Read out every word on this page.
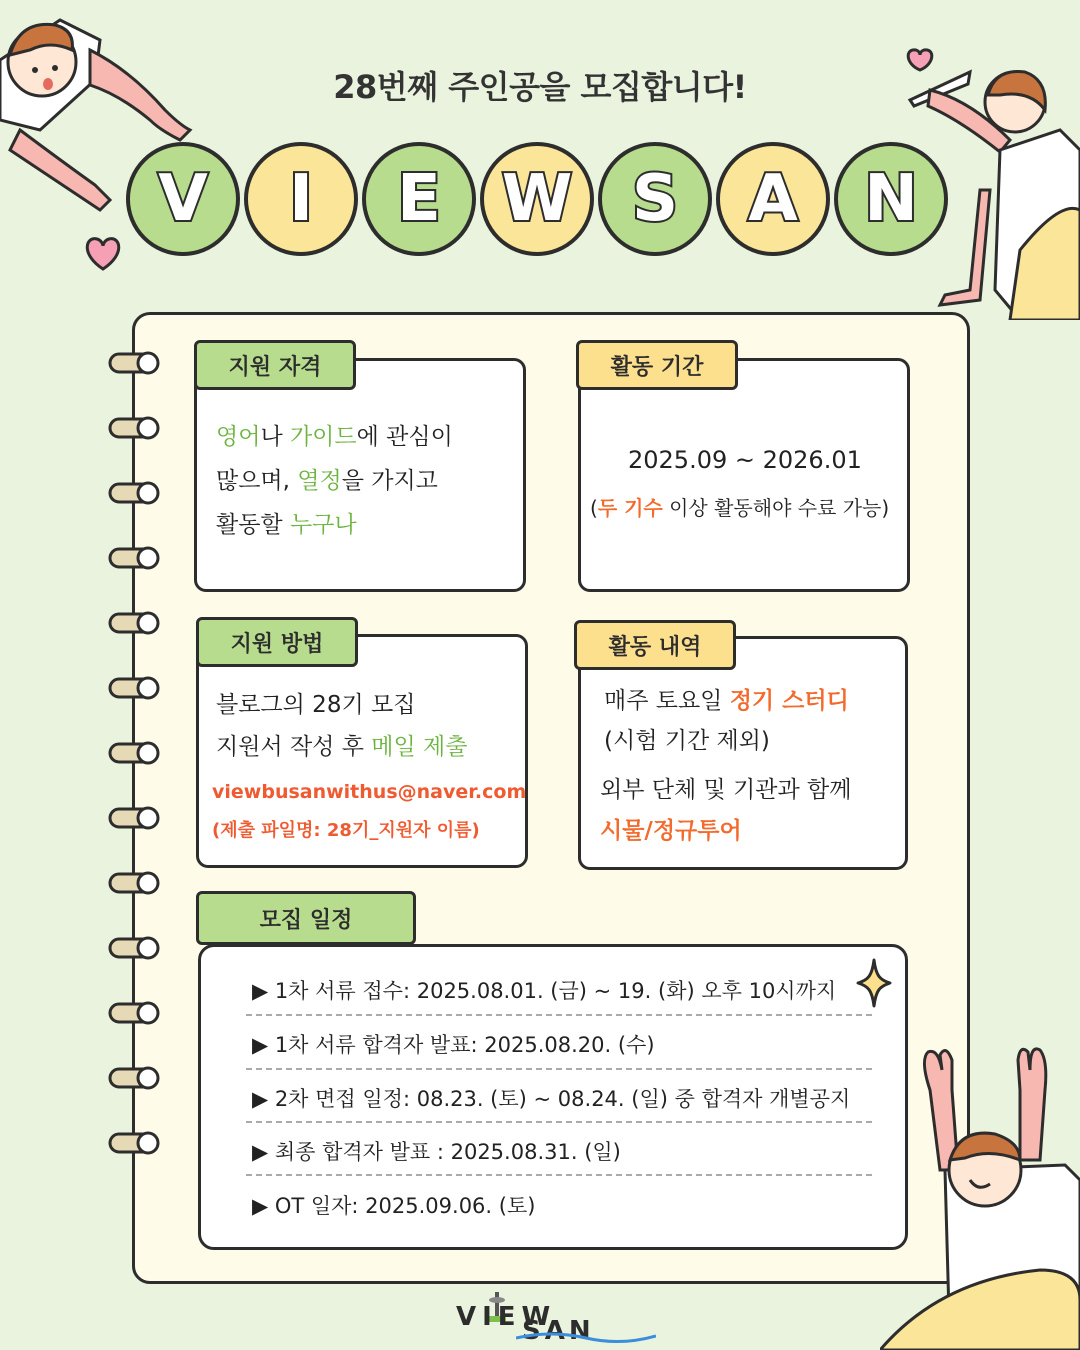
28번째 주인공을 모집합니다!
V	I	E W S	A	N
지원 자격
영어나 가이드에 관심이
많으며, 열정을 가지고
활동할 누구나
활동 기간
2025.09 ~ 2026.01
(두 기수 이상 활동해야 수료 가능)
지원 방법
블로그의 28기 모집
지원서 작성 후 메일 제출
viewbusanwithus@naver.com
(제출 파일명: 28기_지원자 이름)
활동 내역
매주 토요일 정기 스터디
(시험 기간 제외)
외부 단체 및 기관과 함께
시물/정규투어
모집 일정
▶ 1차 서류 접수: 2025.08.01. (금) ~ 19. (화) 오후 10시까지
▶ 1차 서류 합격자 발표: 2025.08.20. (수)
▶ 2차 면접 일정: 08.23. (토) ~ 08.24. (일) 중 합격자 개별공지
▶ 최종 합격자 발표 : 2025.08.31. (일)
▶ OT 일자: 2025.09.06. (토)
VIEW
SAN
